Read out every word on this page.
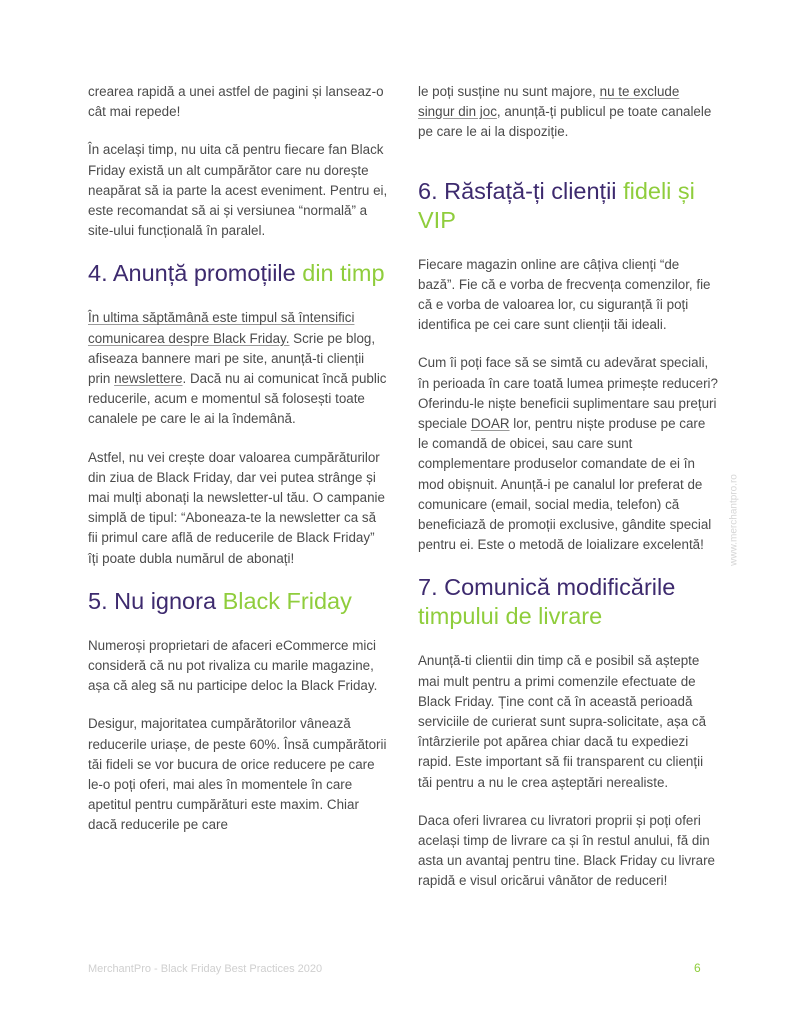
crearea rapidă a unei astfel de pagini și lanseaz-o cât mai repede!

În același timp, nu uita că pentru fiecare fan Black Friday există un alt cumpărător care nu dorește neapărat să ia parte la acest eveniment. Pentru ei, este recomandat să ai și versiunea “normală” a site-ului funcțională în paralel.

4. Anunță promoțiile din timp

În ultima săptămână este timpul să întensifici comunicarea despre Black Friday. Scrie pe blog, afiseaza bannere mari pe site, anunță-ti clienții prin newslettere. Dacă nu ai comunicat încă public reducerile, acum e momentul să folosești toate canalele pe care le ai la îndemână.

Astfel, nu vei crește doar valoarea cumpărăturilor din ziua de Black Friday, dar vei putea strânge și mai mulți abonați la newsletter-ul tău. O campanie simplă de tipul: “Aboneaza-te la newsletter ca să fii primul care află de reducerile de Black Friday” îți poate dubla numărul de abonați!

5. Nu ignora Black Friday

Numeroși proprietari de afaceri eCommerce mici consideră că nu pot rivaliza cu marile magazine, așa că aleg să nu participe deloc la Black Friday.

Desigur, majoritatea cumpărătorilor vânează reducerile uriașe, de peste 60%. Însă cumpărătorii tăi fideli se vor bucura de orice reducere pe care le-o poți oferi, mai ales în momentele în care apetitul pentru cumpărături este maxim. Chiar dacă reducerile pe care

le poți susține nu sunt majore, nu te exclude singur din joc, anunță-ți publicul pe toate canalele pe care le ai la dispoziție.

6. Răsfață-ți clienții fideli și VIP

Fiecare magazin online are câțiva clienți “de bază”. Fie că e vorba de frecvența comenzilor, fie că e vorba de valoarea lor, cu siguranță îi poți identifica pe cei care sunt clienții tăi ideali.

Cum îi poți face să se simtă cu adevărat speciali, în perioada în care toată lumea primește reduceri? Oferindu-le niște beneficii suplimentare sau prețuri speciale DOAR lor, pentru niște produse pe care le comandă de obicei, sau care sunt complementare produselor comandate de ei în mod obișnuit. Anunță-i pe canalul lor preferat de comunicare (email, social media, telefon) că beneficiază de promoții exclusive, gândite special pentru ei. Este o metodă de loializare excelentă!

7. Comunică modificările timpului de livrare

Anunță-ti clientii din timp că e posibil să aștepte mai mult pentru a primi comenzile efectuate de Black Friday. Ține cont că în această perioadă serviciile de curierat sunt supra-solicitate, așa că întârzierile pot apărea chiar dacă tu expediezi rapid. Este important să fii transparent cu clienții tăi pentru a nu le crea așteptări nerealiste.

Daca oferi livrarea cu livratori proprii și poți oferi același timp de livrare ca și în restul anului, fă din asta un avantaj pentru tine. Black Friday cu livrare rapidă e visul oricărui vânător de reduceri!

MerchantPro - Black Friday Best Practices 2020	6
www.merchantpro.ro
